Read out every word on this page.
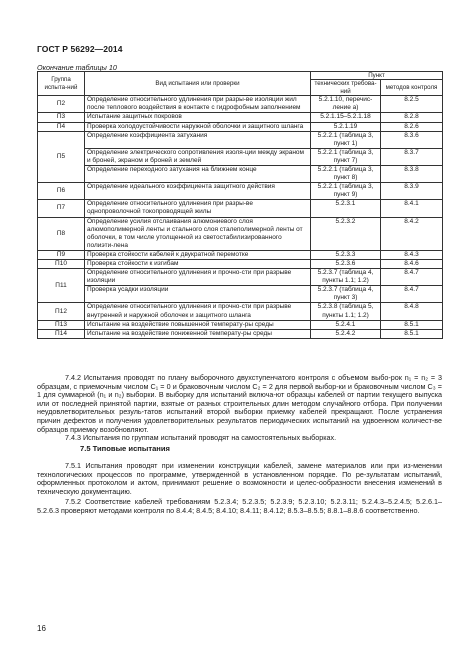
ГОСТ Р 56292—2014
Окончание таблицы 10
Группа испыта-ний	Вид испытания или проверки	Пункт	
		технических требова-ний	методов контроля
П2	Определение относительного удлинения при разры-ве изоляции жил после теплового воздействия в контакте с гидрофобным заполнением	5.2.1.10, перечис-ление а)	8.2.5
П3	Испытание защитных покровов	5.2.1.15–5.2.1.18	8.2.8
П4	Проверка холодоустойчивости наружной оболочки и защитного шланга	5.2.1.19	8.2.6
П5	Определение коэффициента затухания	5.2.2.1 (таблица 3, пункт 1)	8.3.6
	Определение электрического сопротивления изоля-ции между экраном и броней, экраном и броней и землей	5.2.2.1 (таблица 3, пункт 7)	8.3.7
	Определение переходного затухания на ближнем конце	5.2.2.1 (таблица 3, пункт 8)	8.3.8
П6	Определение идеального коэффициента защитного действия	5.2.2.1 (таблица 3, пункт 9)	8.3.9
П7	Определение относительного удлинения при разры-ве однопроволочной токопроводящей жилы	5.2.3.1	8.4.1
П8	Определение усилия отслаивания алюмониевого слоя алюмополимерной ленты и стального слоя сталеполимерной ленты от оболочки, в том числе утолщенной из светостабилизированного полиэти-лена	5.2.3.2	8.4.2
П9	Проверка стойкости кабелей к двукратной перемотке	5.2.3.3	8.4.3
П10	Проверка стойкости к изгибам	5.2.3.6	8.4.6
П11	Определение относительного удлинения и прочно-сти при разрыве изоляции	5.2.3.7 (таблица 4, пункты 1.1; 1.2)	8.4.7
	Проверка усадки изоляции	5.2.3.7 (таблица 4, пункт 3)	8.4.7
П12	Определение относительного удлинения и прочно-сти при разрыве внутренней и наружной оболочек и защитного шланга	5.2.3.8 (таблица 5, пункты 1.1; 1.2)	8.4.8
П13	Испытание на воздействие повышенной температу-ры среды	5.2.4.1	8.5.1
П14	Испытание на воздействие пониженной температу-ры среды	5.2.4.2	8.5.1

7.4.2 Испытания проводят по плану выборочного двухступенчатого контроля с объемом выбо-рок n₁ = n₂ = 3 образцам, с приемочным числом C₁ = 0 и браковочным числом C₂ = 2 для первой выбор-ки и браковочным числом C₃ = 1 для суммарной (n₁ и n₂) выборки. В выборку для испытаний включа-ют образцы кабелей от партии текущего выпуска или от последней принятой партии, взятые от разных строительных длин методом случайного отбора. При получении неудовлетворительных резуль-татов испытаний второй выборки приемку кабелей прекращают. После устранения причин дефектов и получения удовлетворительных результатов периодических испытаний на удвоенном количест-ве образцов приемку возобновляют.

7.4.3 Испытания по группам испытаний проводят на самостоятельных выборках.

7.5 Типовые испытания

7.5.1 Испытания проводят при изменении конструкции кабелей, замене материалов или при из-менении технологических процессов по программе, утвержденной в установленном порядке. По ре-зультатам испытаний, оформленных протоколом и актом, принимают решение о возможности и целес-ообразности внесения изменений в техническую документацию.

7.5.2 Соответствие кабелей требованиям 5.2.3.4; 5.2.3.5; 5.2.3.9; 5.2.3.10; 5.2.3.11; 5.2.4.3–5.2.4.5; 5.2.6.1–5.2.6.3 проверяют методами контроля по 8.4.4; 8.4.5; 8.4.10; 8.4.11; 8.4.12; 8.5.3–8.5.5; 8.8.1–8.8.6 соответственно.

16
